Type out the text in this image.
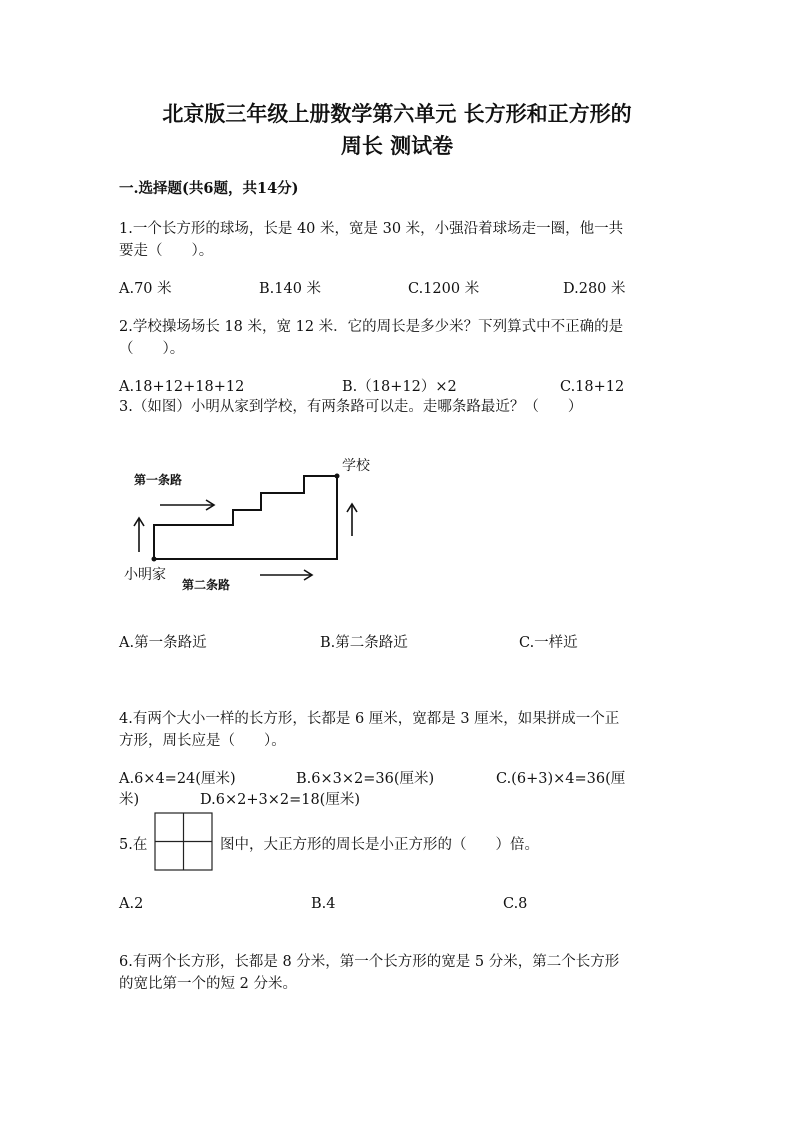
北京版三年级上册数学第六单元 长方形和正方形的
周长 测试卷
一.选择题(共6题，共14分)
1.一个长方形的球场，长是 40 米，宽是 30 米，小强沿着球场走一圈，他一共
要走（　　）。
A.70 米	B.140 米	C.1200 米	D.280 米
2.学校操场场长 18 米，宽 12 米．它的周长是多少米？下列算式中不正确的是
（　　）。
A.18+12+18+12	B.（18+12）×2	C.18+12
3.（如图）小明从家到学校，有两条路可以走。走哪条路最近？（　　）
学校
第一条路
小明家
第二条路
A.第一条路近	B.第二条路近	C.一样近
4.有两个大小一样的长方形，长都是 6 厘米，宽都是 3 厘米，如果拼成一个正
方形，周长应是（　　）。
A.6×4=24(厘米)	B.6×3×2=36(厘米)	C.(6+3)×4=36(厘
米)	D.6×2+3×2=18(厘米)
5.在	图中，大正方形的周长是小正方形的（　　）倍。
A.2	B.4	C.8
6.有两个长方形，长都是 8 分米，第一个长方形的宽是 5 分米，第二个长方形
的宽比第一个的短 2 分米。
